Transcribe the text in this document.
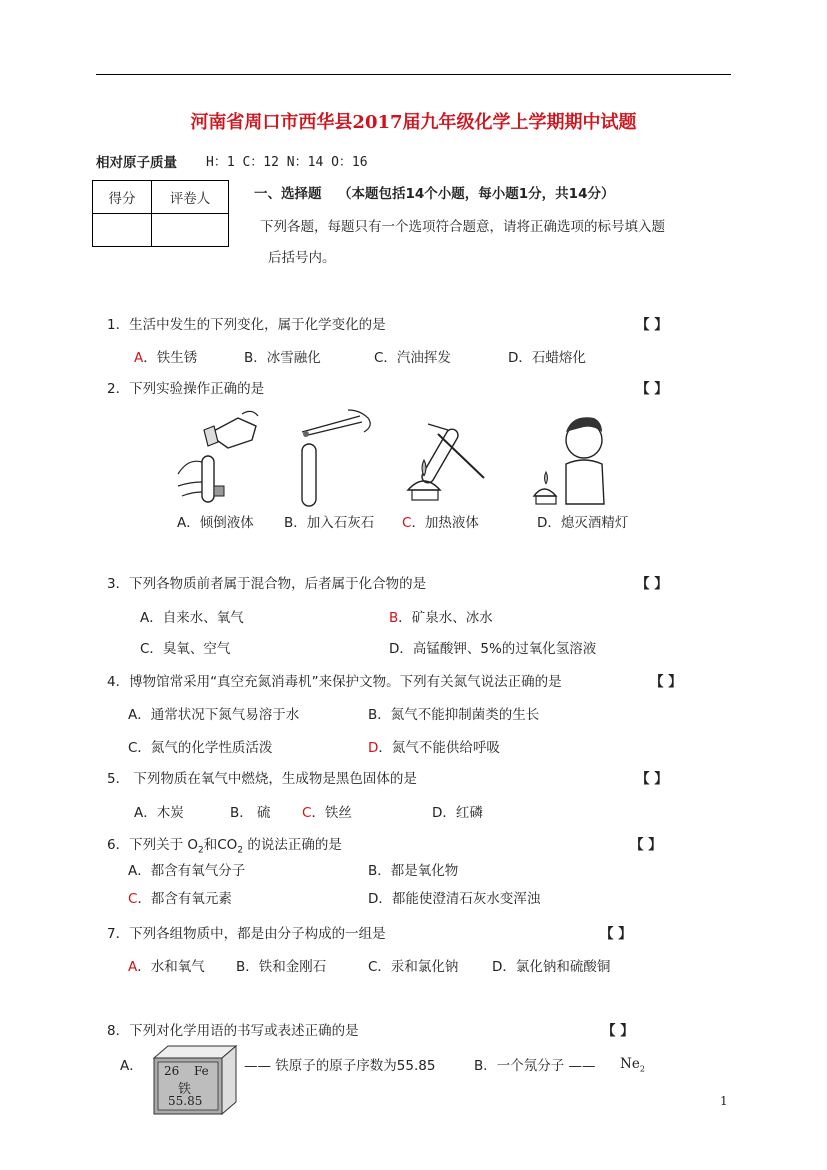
河南省周口市西华县2017届九年级化学上学期期中试题
相对原子质量 H：1 C：12 N：14 O：16
得分	评卷人
		一、选择题 （本题包括14个小题，每小题1分，共14分）
下列各题，每题只有一个选项符合题意，请将正确选项的标号填入题
后括号内。
1．生活中发生的下列变化，属于化学变化的是	【 】
A．铁生锈	B．冰雪融化	C．汽油挥发	D．石蜡熔化
2．下列实验操作正确的是	【 】
A．倾倒液体 B．加入石灰石 C．加热液体	D．熄灭酒精灯
3．下列各物质前者属于混合物，后者属于化合物的是	【 】
A．自来水、氧气	B．矿泉水、冰水
C．臭氧、空气	D．高锰酸钾、5%的过氧化氢溶液
4．博物馆常采用“真空充氮消毒机”来保护文物。下列有关氮气说法正确的是	【 】
A．通常状况下氮气易溶于水	B．氮气不能抑制菌类的生长
C．氮气的化学性质活泼	D．氮气不能供给呼吸
5． 下列物质在氧气中燃烧，生成物是黑色固体的是	【 】
A．木炭	B． 硫 C．铁丝	D．红磷
6．下列关于 $O_2$和$CO_2$ 的说法正确的是	【 】
A．都含有氧气分子	B．都是氧化物
C．都含有氧元素	D．都能使澄清石灰水变浑浊
7．下列各组物质中，都是由分子构成的一组是	【 】
A．水和氧气 B．铁和金刚石	C．汞和氯化钠 D．氯化钠和硫酸铜
8．下列对化学用语的书写或表述正确的是	【 】
A． 26 Fe
铁
55.85
—— 铁原子的原子序数为55.85	B．一个氖分子 —— $Ne_2$
1
